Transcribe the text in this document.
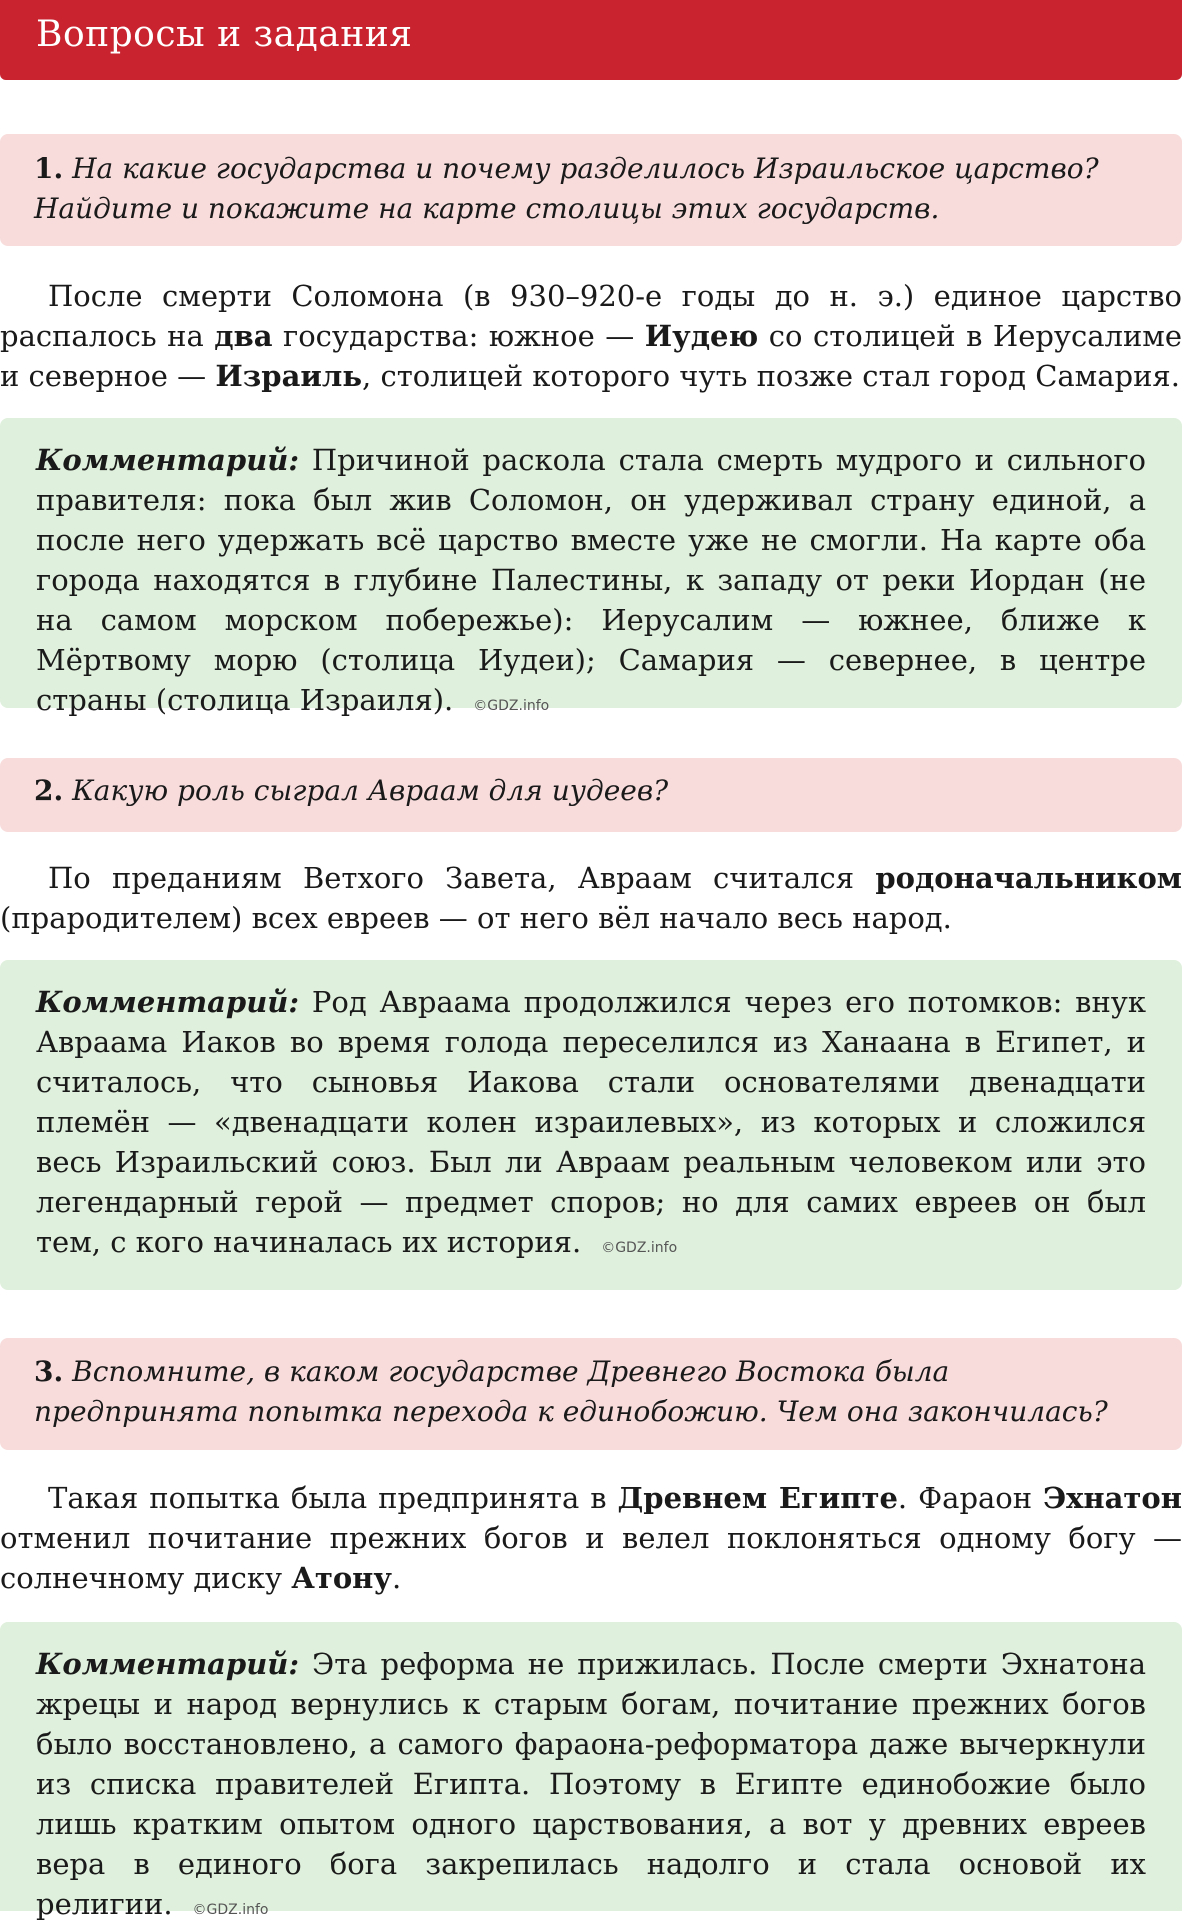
Вопросы и задания

1. На какие государства и почему разделилось Израильское царство? Найдите и покажите на карте столицы этих государств.

После смерти Соломона (в 930–920-е годы до н. э.) единое царство распалось на два государства: южное — Иудею со столицей в Иерусалиме и северное — Израиль, столицей которого чуть позже стал город Самария.

Комментарий: Причиной раскола стала смерть мудрого и сильного правителя: пока был жив Соломон, он удерживал страну единой, а после него удержать всё царство вместе уже не смогли. На карте оба города находятся в глубине Палестины, к западу от реки Иордан (не на самом морском побережье): Иерусалим — южнее, ближе к Мёртвому морю (столица Иудеи); Самария — севернее, в центре страны (столица Израиля). ©GDZ.info

2. Какую роль сыграл Авраам для иудеев?

По преданиям Ветхого Завета, Авраам считался родоначальником (прародителем) всех евреев — от него вёл начало весь народ.

Комментарий: Род Авраама продолжился через его потомков: внук Авраама Иаков во время голода переселился из Ханаана в Египет, и считалось, что сыновья Иакова стали основателями двенадцати племён — «двенадцати колен израилевых», из которых и сложился весь Израильский союз. Был ли Авраам реальным человеком или это легендарный герой — предмет споров; но для самих евреев он был тем, с кого начиналась их история. ©GDZ.info

3. Вспомните, в каком государстве Древнего Востока была предпринята попытка перехода к единобожию. Чем она закончилась?

Такая попытка была предпринята в Древнем Египте. Фараон Эхнатон отменил почитание прежних богов и велел поклоняться одному богу — солнечному диску Атону.

Комментарий: Эта реформа не прижилась. После смерти Эхнатона жрецы и народ вернулись к старым богам, почитание прежних богов было восстановлено, а самого фараона-реформатора даже вычеркнули из списка правителей Египта. Поэтому в Египте единобожие было лишь кратким опытом одного царствования, а вот у древних евреев вера в единого бога закрепилась надолго и стала основой их религии. ©GDZ.info
